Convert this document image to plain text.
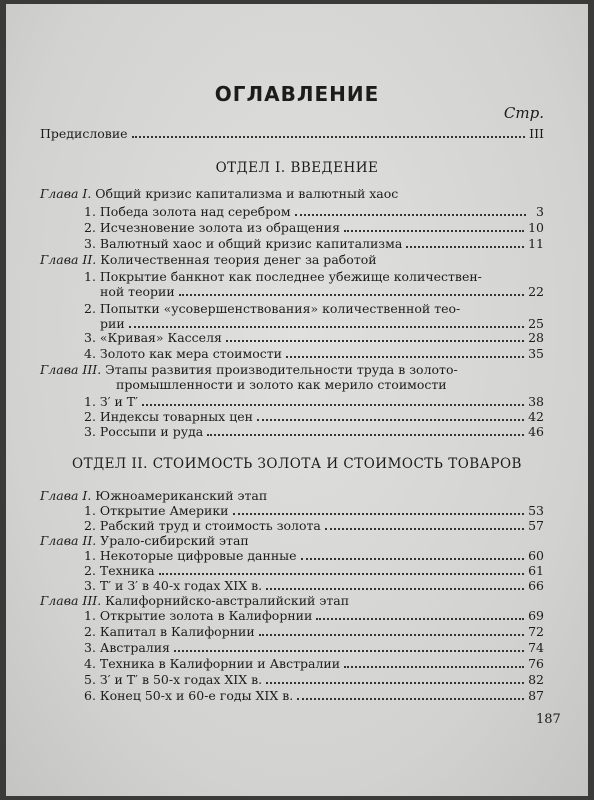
ОГЛАВЛЕНИЕ
Стр.
Предисловие	III
ОТДЕЛ I. ВВЕДЕНИЕ
Глава I. Общий кризис капитализма и валютный хаос
1. Победа золота над серебром	3
2. Исчезновение золота из обращения	10
3. Валютный хаос и общий кризис капитализма	11
Глава II. Количественная теория денег за работой
1. Покрытие банкнот как последнее убежище количествен-
ной теории	22
2. Попытки «усовершенствования» количественной тео-
рии	25
3. «Кривая» Касселя	28
4. Золото как мера стоимости	35
Глава III. Этапы развития производительности труда в золото-
промышленности и золото как мерило стоимости
1. З′ и Т′	38
2. Индексы товарных цен	42
3. Россыпи и руда	46
ОТДЕЛ II. СТОИМОСТЬ ЗОЛОТА И СТОИМОСТЬ ТОВАРОВ
Глава I. Южноамериканский этап
1. Открытие Америки	53
2. Рабский труд и стоимость золота	57
Глава II. Урало-сибирский этап
1. Некоторые цифровые данные	60
2. Техника	61
3. Т′ и З′ в 40-х годах XIX в.	66
Глава III. Калифорнийско-австралийский этап
1. Открытие золота в Калифорнии	69
2. Капитал в Калифорнии	72
3. Австралия	74
4. Техника в Калифорнии и Австралии	76
5. З′ и Т′ в 50-х годах XIX в.	82
6. Конец 50-х и 60-е годы XIX в.	87
187
